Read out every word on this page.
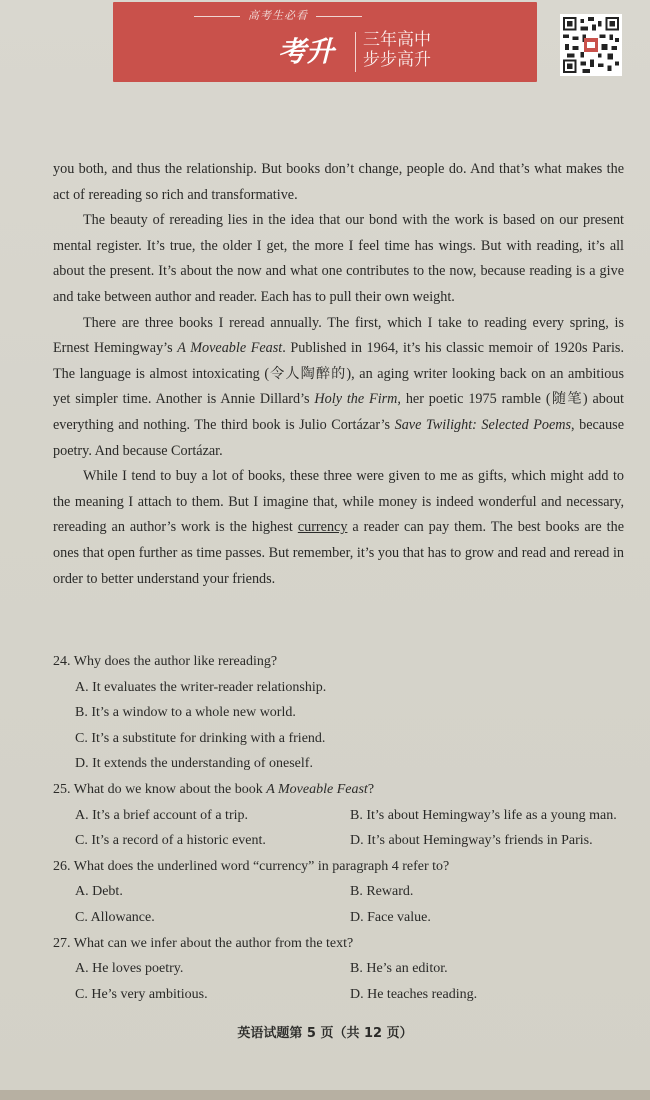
高考生必看
考升 三年高中
步步高升

you both, and thus the relationship. But books don’t change, people do. And that’s what makes the act of rereading so rich and transformative.

The beauty of rereading lies in the idea that our bond with the work is based on our present mental register. It’s true, the older I get, the more I feel time has wings. But with reading, it’s all about the present. It’s about the now and what one contributes to the now, because reading is a give and take between author and reader. Each has to pull their own weight.

There are three books I reread annually. The first, which I take to reading every spring, is Ernest Hemingway’s A Moveable Feast. Published in 1964, it’s his classic memoir of 1920s Paris. The language is almost intoxicating (令人陶醉的), an aging writer looking back on an ambitious yet simpler time. Another is Annie Dillard’s Holy the Firm, her poetic 1975 ramble (随笔) about everything and nothing. The third book is Julio Cortázar’s Save Twilight: Selected Poems, because poetry. And because Cortázar.

While I tend to buy a lot of books, these three were given to me as gifts, which might add to the meaning I attach to them. But I imagine that, while money is indeed wonderful and necessary, rereading an author’s work is the highest currency a reader can pay them. The best books are the ones that open further as time passes. But remember, it’s you that has to grow and read and reread in order to better understand your friends.

24. Why does the author like rereading?
A. It evaluates the writer-reader relationship.
B. It’s a window to a whole new world.
C. It’s a substitute for drinking with a friend.
D. It extends the understanding of oneself.
25. What do we know about the book A Moveable Feast?
A. It’s a brief account of a trip.	B. It’s about Hemingway’s life as a young man.
C. It’s a record of a historic event.	D. It’s about Hemingway’s friends in Paris.
26. What does the underlined word “currency” in paragraph 4 refer to?
A. Debt.	B. Reward.
C. Allowance.	D. Face value.
27. What can we infer about the author from the text?
A. He loves poetry.	B. He’s an editor.
C. He’s very ambitious.	D. He teaches reading.
英语试题第 5 页（共 12 页）
